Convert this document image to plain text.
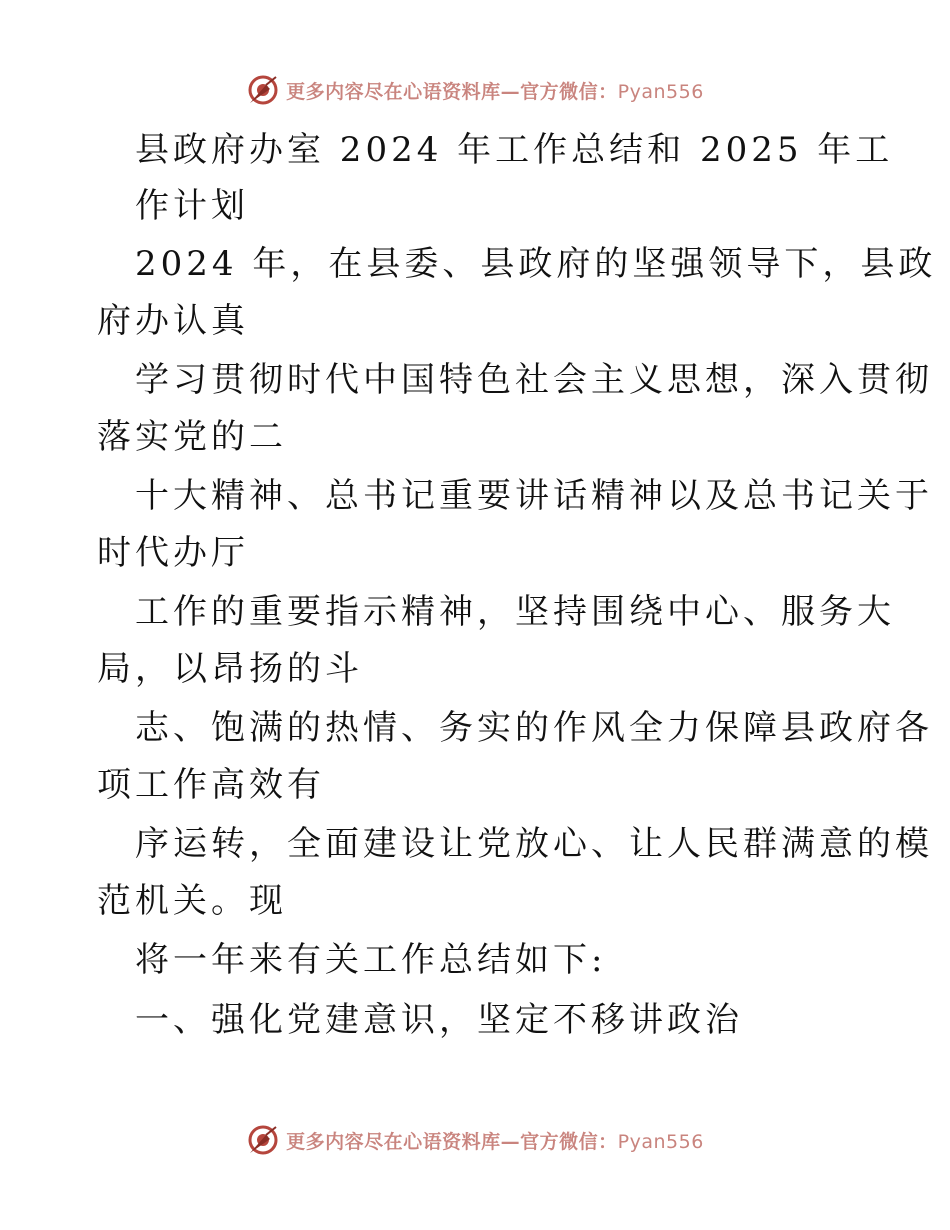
更多内容尽在心语资料库—官方微信：Pyan556
县政府办室 2024 年工作总结和 2025 年工
作计划
2024 年，在县委、县政府的坚强领导下，县政
府办认真
学习贯彻时代中国特色社会主义思想，深入贯彻
落实党的二
十大精神、总书记重要讲话精神以及总书记关于
时代办厅
工作的重要指示精神，坚持围绕中心、服务大
局，以昂扬的斗
志、饱满的热情、务实的作风全力保障县政府各
项工作高效有
序运转，全面建设让党放心、让人民群满意的模
范机关。现
将一年来有关工作总结如下:
一、强化党建意识，坚定不移讲政治
更多内容尽在心语资料库—官方微信：Pyan556
